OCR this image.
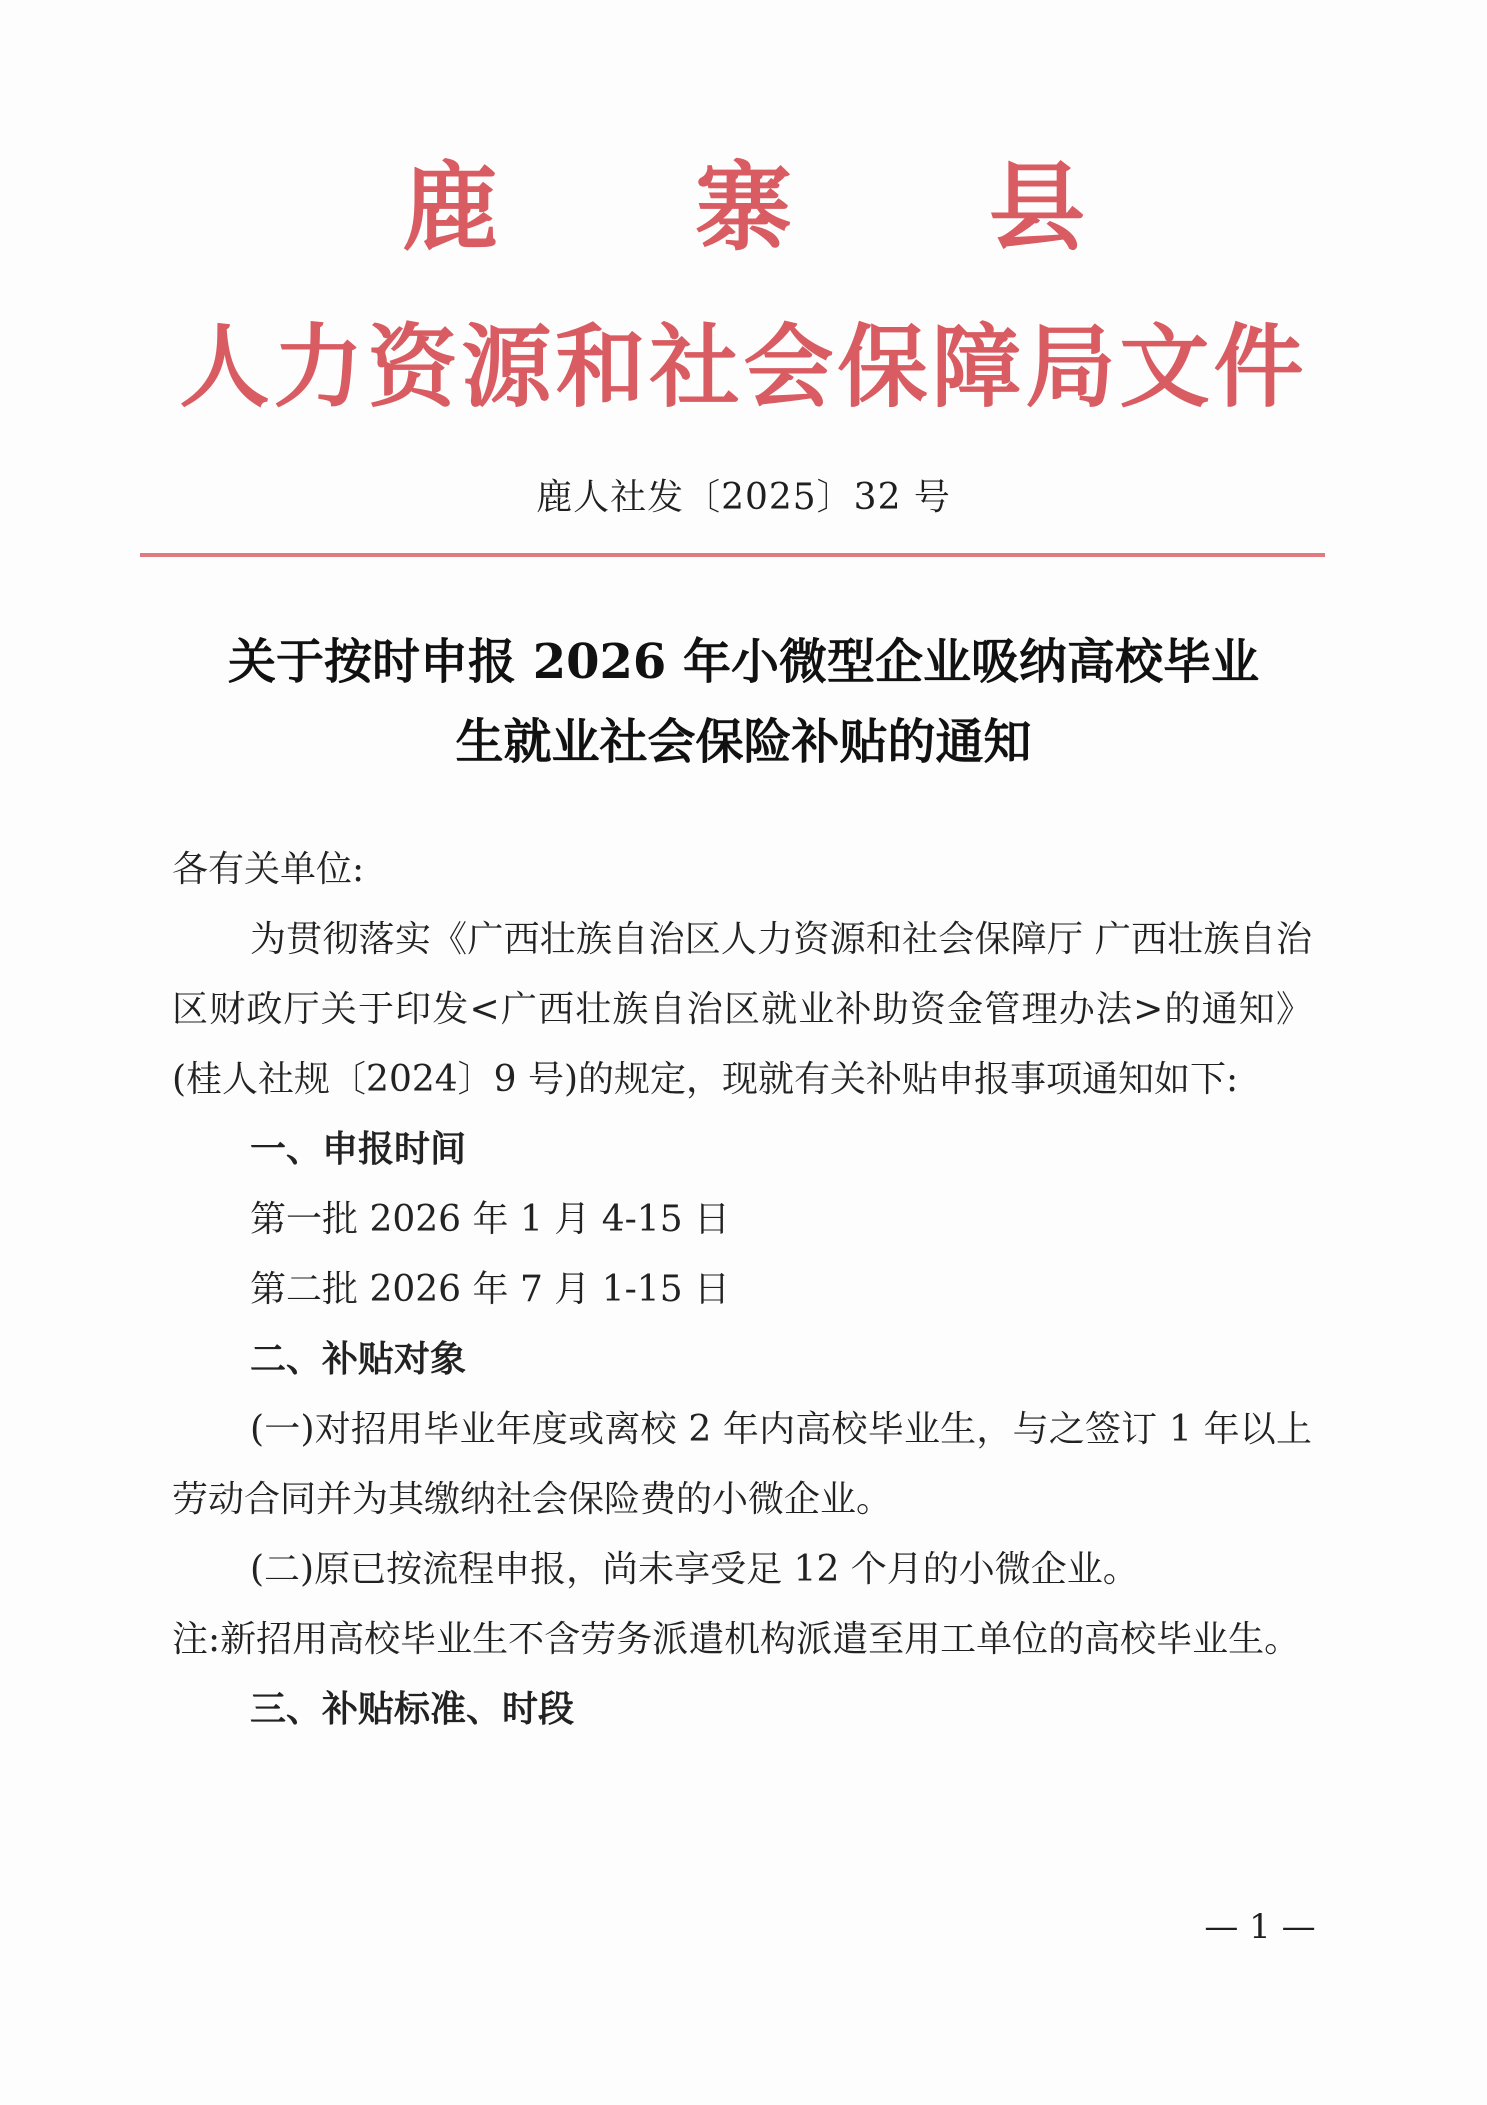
鹿 寨 县
人力资源和社会保障局文件
鹿人社发〔2025〕32 号
关于按时申报 2026 年小微型企业吸纳高校毕业
生就业社会保险补贴的通知

各有关单位:

为贯彻落实《广西壮族自治区人力资源和社会保障厅 广西壮族自治区财政厅关于印发<广西壮族自治区就业补助资金管理办法>的通知》(桂人社规〔2024〕9 号)的规定，现就有关补贴申报事项通知如下:

一、申报时间

第一批 2026 年 1 月 4-15 日

第二批 2026 年 7 月 1-15 日

二、补贴对象

(一)对招用毕业年度或离校 2 年内高校毕业生，与之签订 1 年以上劳动合同并为其缴纳社会保险费的小微企业。

(二)原已按流程申报，尚未享受足 12 个月的小微企业。

注:新招用高校毕业生不含劳务派遣机构派遣至用工单位的高校毕业生。

三、补贴标准、时段

— 1 —
